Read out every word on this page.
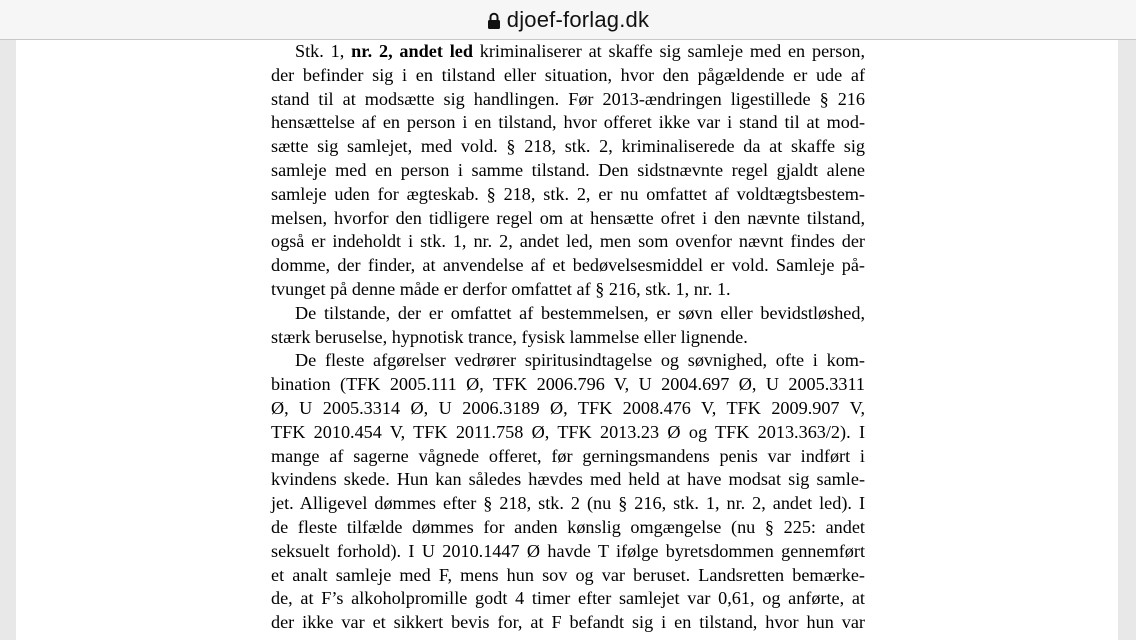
djoef-forlag.dk
Stk. 1, nr. 2, andet led kriminaliserer at skaffe sig samleje med en person,
der befinder sig i en tilstand eller situation, hvor den pågældende er ude af
stand til at modsætte sig handlingen. Før 2013-ændringen ligestillede § 216
hensættelse af en person i en tilstand, hvor offeret ikke var i stand til at mod-
sætte sig samlejet, med vold. § 218, stk. 2, kriminaliserede da at skaffe sig
samleje med en person i samme tilstand. Den sidstnævnte regel gjaldt alene
samleje uden for ægteskab. § 218, stk. 2, er nu omfattet af voldtægtsbestem-
melsen, hvorfor den tidligere regel om at hensætte ofret i den nævnte tilstand,
også er indeholdt i stk. 1, nr. 2, andet led, men som ovenfor nævnt findes der
domme, der finder, at anvendelse af et bedøvelsesmiddel er vold. Samleje på-
tvunget på denne måde er derfor omfattet af § 216, stk. 1, nr. 1.
De tilstande, der er omfattet af bestemmelsen, er søvn eller bevidstløshed,
stærk beruselse, hypnotisk trance, fysisk lammelse eller lignende.
De fleste afgørelser vedrører spiritusindtagelse og søvnighed, ofte i kom-
bination (TFK 2005.111 Ø, TFK 2006.796 V, U 2004.697 Ø, U 2005.3311
Ø, U 2005.3314 Ø, U 2006.3189 Ø, TFK 2008.476 V, TFK 2009.907 V,
TFK 2010.454 V, TFK 2011.758 Ø, TFK 2013.23 Ø og TFK 2013.363/2). I
mange af sagerne vågnede offeret, før gerningsmandens penis var indført i
kvindens skede. Hun kan således hævdes med held at have modsat sig samle-
jet. Alligevel dømmes efter § 218, stk. 2 (nu § 216, stk. 1, nr. 2, andet led). I
de fleste tilfælde dømmes for anden kønslig omgængelse (nu § 225: andet
seksuelt forhold). I U 2010.1447 Ø havde T ifølge byretsdommen gennemført
et analt samleje med F, mens hun sov og var beruset. Landsretten bemærke-
de, at F’s alkoholpromille godt 4 timer efter samlejet var 0,61, og anførte, at
der ikke var et sikkert bevis for, at F befandt sig i en tilstand, hvor hun var
